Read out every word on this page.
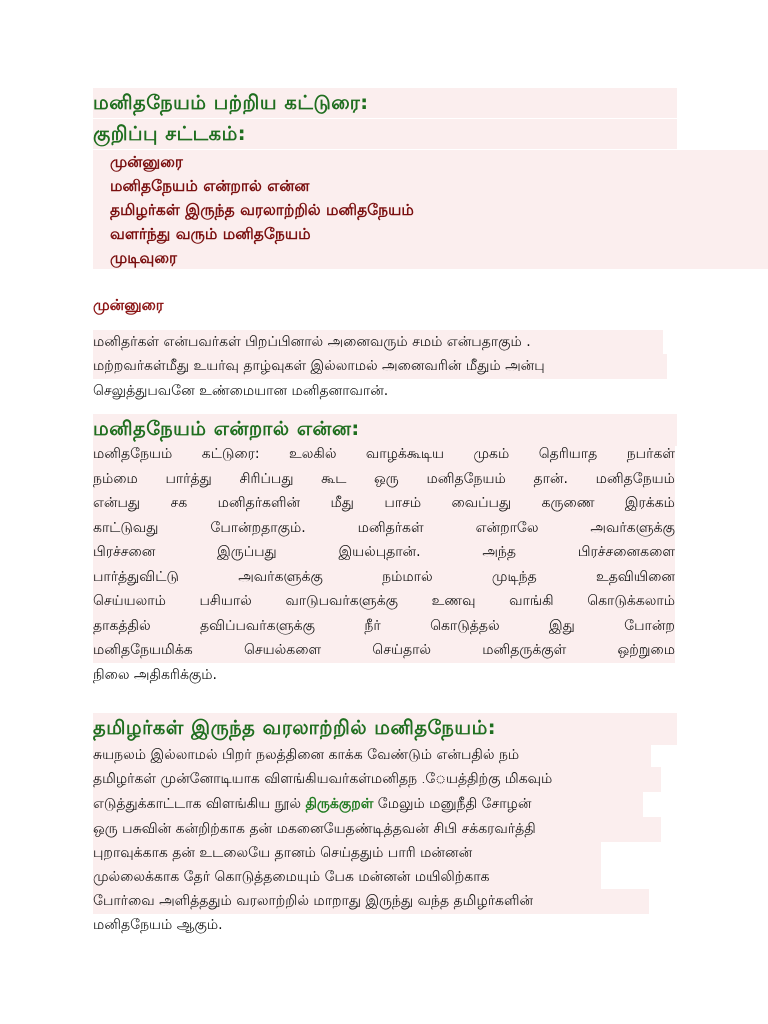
மனிதநேயம் பற்றிய கட்டுரை:
குறிப்பு சட்டகம்:
முன்னுரை
மனிதநேயம் என்றால் என்ன
தமிழர்கள் இருந்த வரலாற்றில் மனிதநேயம்
வளர்ந்து வரும் மனிதநேயம்
முடிவுரை
முன்னுரை
மனிதர்கள் என்பவர்கள் பிறப்பினால் அனைவரும் சமம் என்பதாகும் .
மற்றவர்கள்மீது உயர்வு தாழ்வுகள் இல்லாமல் அனைவரின் மீதும் அன்பு
செலுத்துபவனே உண்மையான மனிதனாவான்.
மனிதநேயம் என்றால் என்ன:
மனிதநேயம் கட்டுரை: உலகில் வாழக்கூடிய முகம் தெரியாத நபர்கள்
நம்மை பார்த்து சிரிப்பது கூட ஒரு மனிதநேயம் தான். மனிதநேயம்
என்பது சக மனிதர்களின் மீது பாசம் வைப்பது கருணை இரக்கம்
காட்டுவது	போன்றதாகும்.	மனிதர்கள்	என்றாலே	அவர்களுக்கு
பிரச்சனை	இருப்பது	இயல்புதான்.	அந்த	பிரச்சனைகளை
பார்த்துவிட்டு	அவர்களுக்கு	நம்மால்	முடிந்த	உதவியினை
செய்யலாம் பசியால் வாடுபவர்களுக்கு உணவு வாங்கி கொடுக்கலாம்
தாகத்தில்	தவிப்பவர்களுக்கு	நீர்	கொடுத்தல்	இது	போன்ற
மனிதநேயமிக்க	செயல்களை	செய்தால்	மனிதருக்குள்	ஒற்றுமை
நிலை அதிகரிக்கும்.
தமிழர்கள் இருந்த வரலாற்றில் மனிதநேயம்:
சுயநலம் இல்லாமல் பிறர் நலத்தினை காக்க வேண்டும் என்பதில் நம்
தமிழர்கள் முன்னோடியாக விளங்கியவர்கள்மனிதந .ேயத்திற்கு மிகவும்
எடுத்துக்காட்டாக விளங்கிய நூல் திருக்குறள் மேலும் மனுநீதி சோழன்
ஒரு பசுவின் கன்றிற்காக தன் மகனையேதண்டித்தவன் சிபி சக்கரவர்த்தி
புறாவுக்காக தன் உடலையே தானம் செய்ததும் பாரி மன்னன்
முல்லைக்காக தேர் கொடுத்தமையும் பேக மன்னன் மயிலிற்காக
போர்வை அளித்ததும் வரலாற்றில் மாறாது இருந்து வந்த தமிழர்களின்
மனிதநேயம் ஆகும்.
